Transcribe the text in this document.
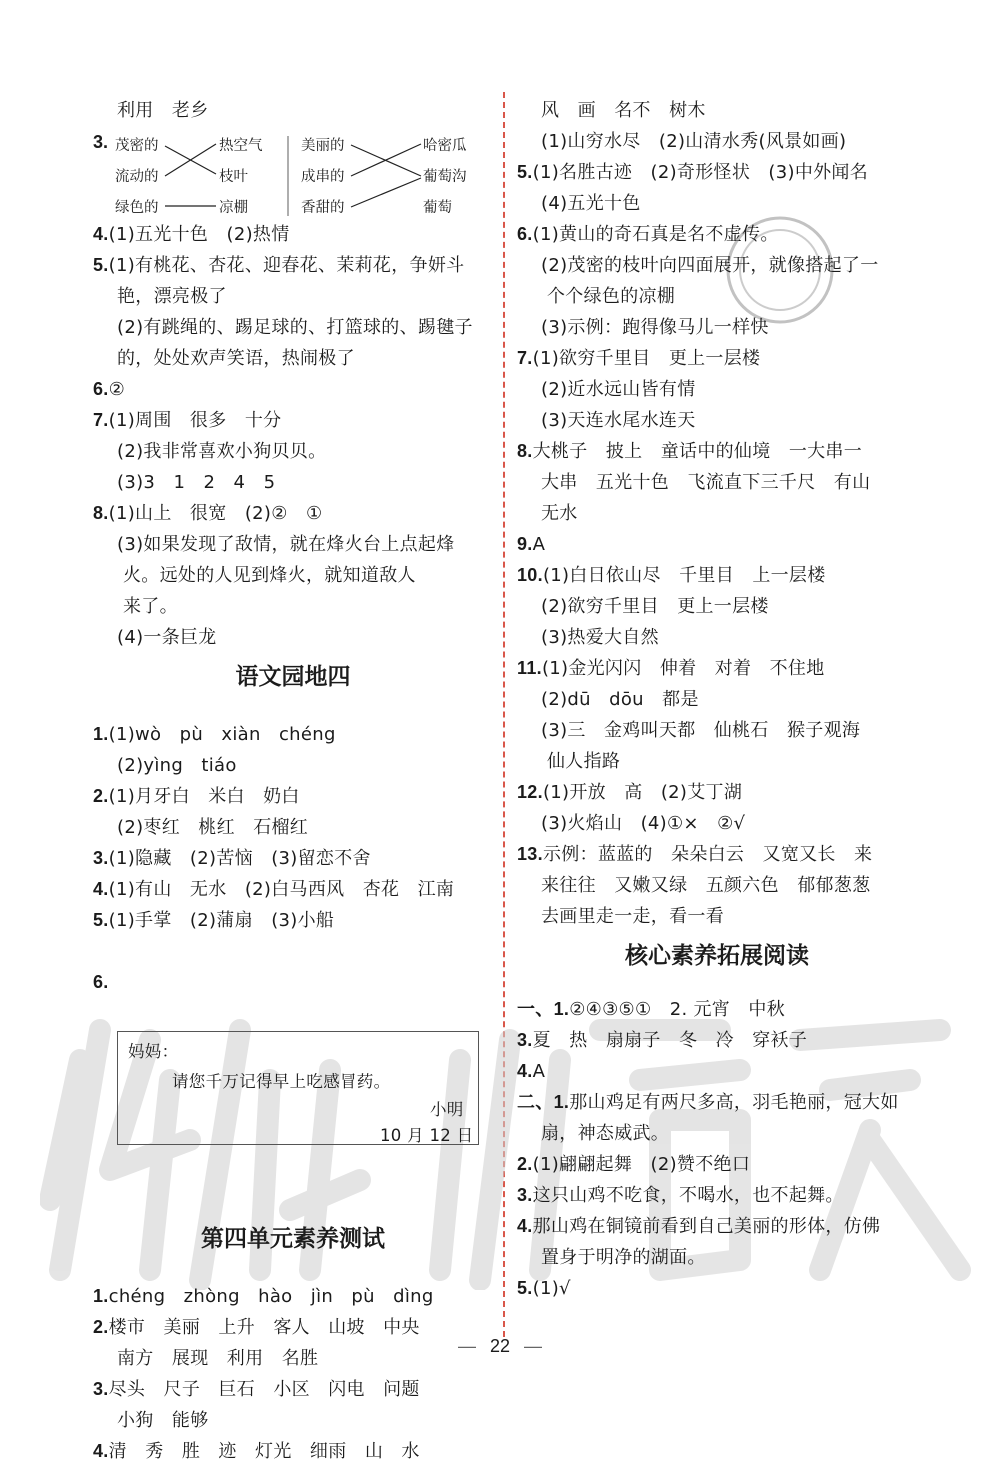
利用　老乡
3. 茂密的
流动的
绿色的
热空气
枝叶
凉棚
美丽的
成串的
香甜的
哈密瓜
葡萄沟
葡萄
4.(1)五光十色　(2)热情
5.(1)有桃花、杏花、迎春花、茉莉花，争妍斗
艳，漂亮极了
(2)有跳绳的、踢足球的、打篮球的、踢毽子
的，处处欢声笑语，热闹极了
6.②
7.(1)周围　很多　十分
(2)我非常喜欢小狗贝贝。
(3)3　1　2　4　5
8.(1)山上　很宽　(2)②　①
(3)如果发现了敌情，就在烽火台上点起烽
火。远处的人见到烽火，就知道敌人
来了。
(4)一条巨龙
语文园地四
1.(1)wò　pù　xiàn　chéng
(2)yìng　tiáo
2.(1)月牙白　米白　奶白
(2)枣红　桃红　石榴红
3.(1)隐藏　(2)苦恼　(3)留恋不舍
4.(1)有山　无水　(2)白马西风　杏花　江南
5.(1)手掌　(2)蒲扇　(3)小船

6.

妈妈：

请您千万记得早上吃感冒药。

小明

10 月 12 日

第四单元素养测试
1.chéng　zhòng　hào　jìn　pù　dìng
2.楼市　美丽　上升　客人　山坡　中央
南方　展现　利用　名胜
3.尽头　尺子　巨石　小区　闪电　问题
小狗　能够
4.清　秀　胜　迹　灯光　细雨　山　水
风　画　名不　树木
(1)山穷水尽　(2)山清水秀(风景如画)
5.(1)名胜古迹　(2)奇形怪状　(3)中外闻名
(4)五光十色
6.(1)黄山的奇石真是名不虚传。
(2)茂密的枝叶向四面展开，就像搭起了一
个个绿色的凉棚
(3)示例：跑得像马儿一样快
7.(1)欲穷千里目　更上一层楼
(2)近水远山皆有情
(3)天连水尾水连天
8.大桃子　披上　童话中的仙境　一大串一
大串　五光十色　飞流直下三千尺　有山
无水
9.A
10.(1)白日依山尽　千里目　上一层楼
(2)欲穷千里目　更上一层楼
(3)热爱大自然
11.(1)金光闪闪　伸着　对着　不住地
(2)dū　dōu　都是
(3)三　金鸡叫天都　仙桃石　猴子观海
仙人指路
12.(1)开放　高　(2)艾丁湖
(3)火焰山　(4)①×　②√
13.示例：蓝蓝的　朵朵白云　又宽又长　来
来往往　又嫩又绿　五颜六色　郁郁葱葱
去画里走一走，看一看
核心素养拓展阅读
一、1.②④③⑤①　2. 元宵　中秋
3.夏　热　扇扇子　冬　冷　穿袄子
4.A
二、1.那山鸡足有两尺多高，羽毛艳丽，冠大如
扇，神态威武。
2.(1)翩翩起舞　(2)赞不绝口
3.这只山鸡不吃食，不喝水，也不起舞。
4.那山鸡在铜镜前看到自己美丽的形体，仿佛
置身于明净的湖面。
5.(1)√
— 22 —
